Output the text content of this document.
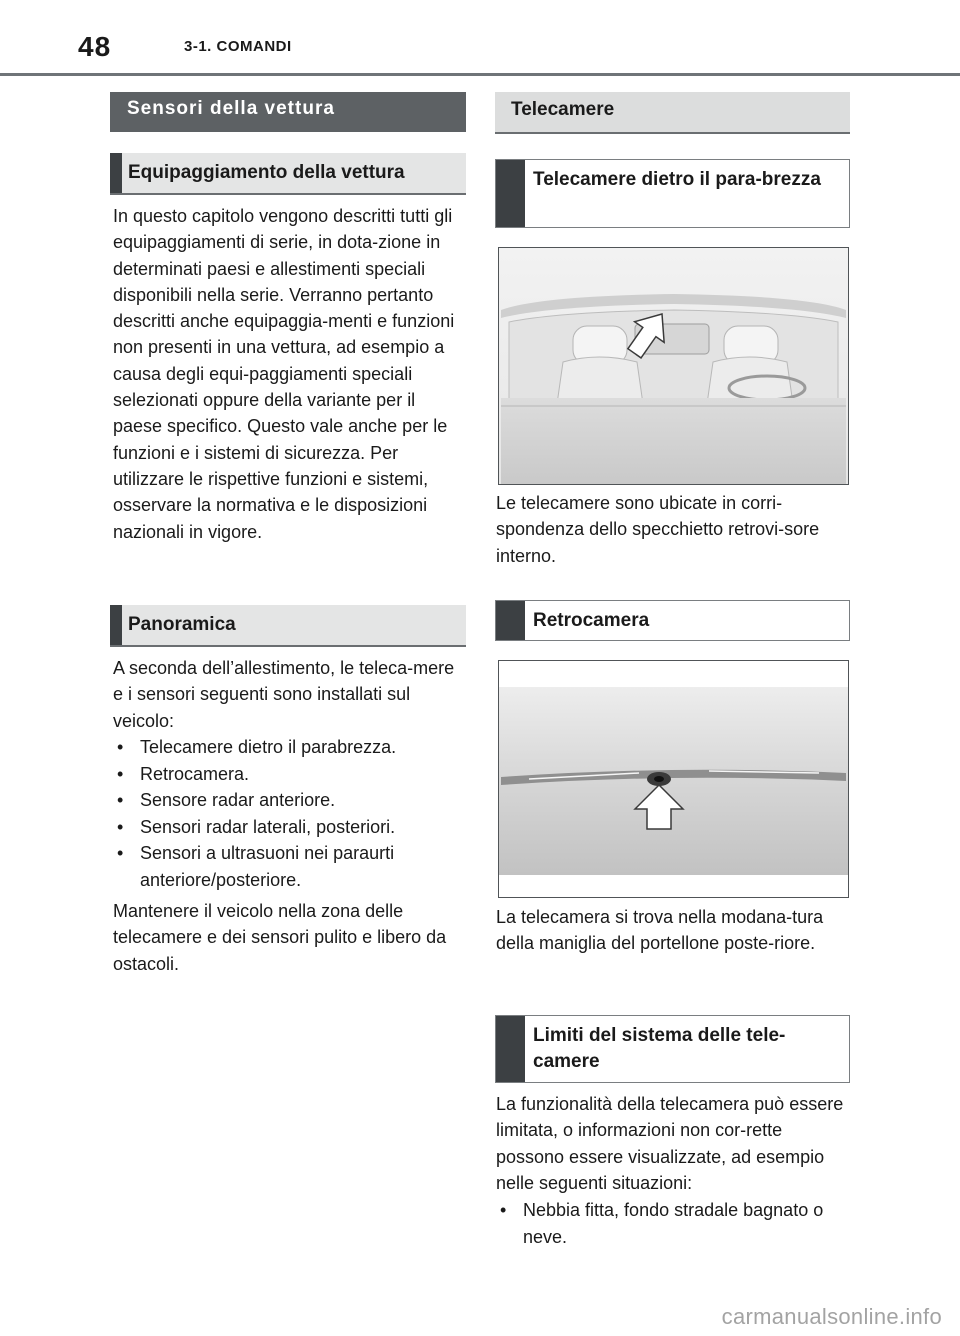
48	3-1. COMANDI
Sensori della vettura
Equipaggiamento della vettura

In questo capitolo vengono descritti tutti gli equipaggiamenti di serie, in dota-zione in determinati paesi e allestimenti speciali disponibili nella serie. Verranno pertanto descritti anche equipaggia-menti e funzioni non presenti in una vettura, ad esempio a causa degli equi-paggiamenti speciali selezionati oppure della variante per il paese specifico. Questo vale anche per le funzioni e i sistemi di sicurezza. Per utilizzare le rispettive funzioni e sistemi, osservare la normativa e le disposizioni nazionali in vigore.

Panoramica

A seconda dell’allestimento, le teleca-mere e i sensori seguenti sono installati sul veicolo:

• Telecamere dietro il parabrezza.
• Retrocamera.
• Sensore radar anteriore.
• Sensori radar laterali, posteriori.
• Sensori a ultrasuoni nei paraurti anteriore/posteriore.

Mantenere il veicolo nella zona delle telecamere e dei sensori pulito e libero da ostacoli.

Telecamere
Telecamere dietro il para-brezza

Le telecamere sono ubicate in corri-spondenza dello specchietto retrovi-sore interno.

Retrocamera

La telecamera si trova nella modana-tura della maniglia del portellone poste-riore.

Limiti del sistema delle tele-camere

La funzionalità della telecamera può essere limitata, o informazioni non cor-rette possono essere visualizzate, ad esempio nelle seguenti situazioni:

• Nebbia fitta, fondo stradale bagnato o neve.
carmanualsonline.info
